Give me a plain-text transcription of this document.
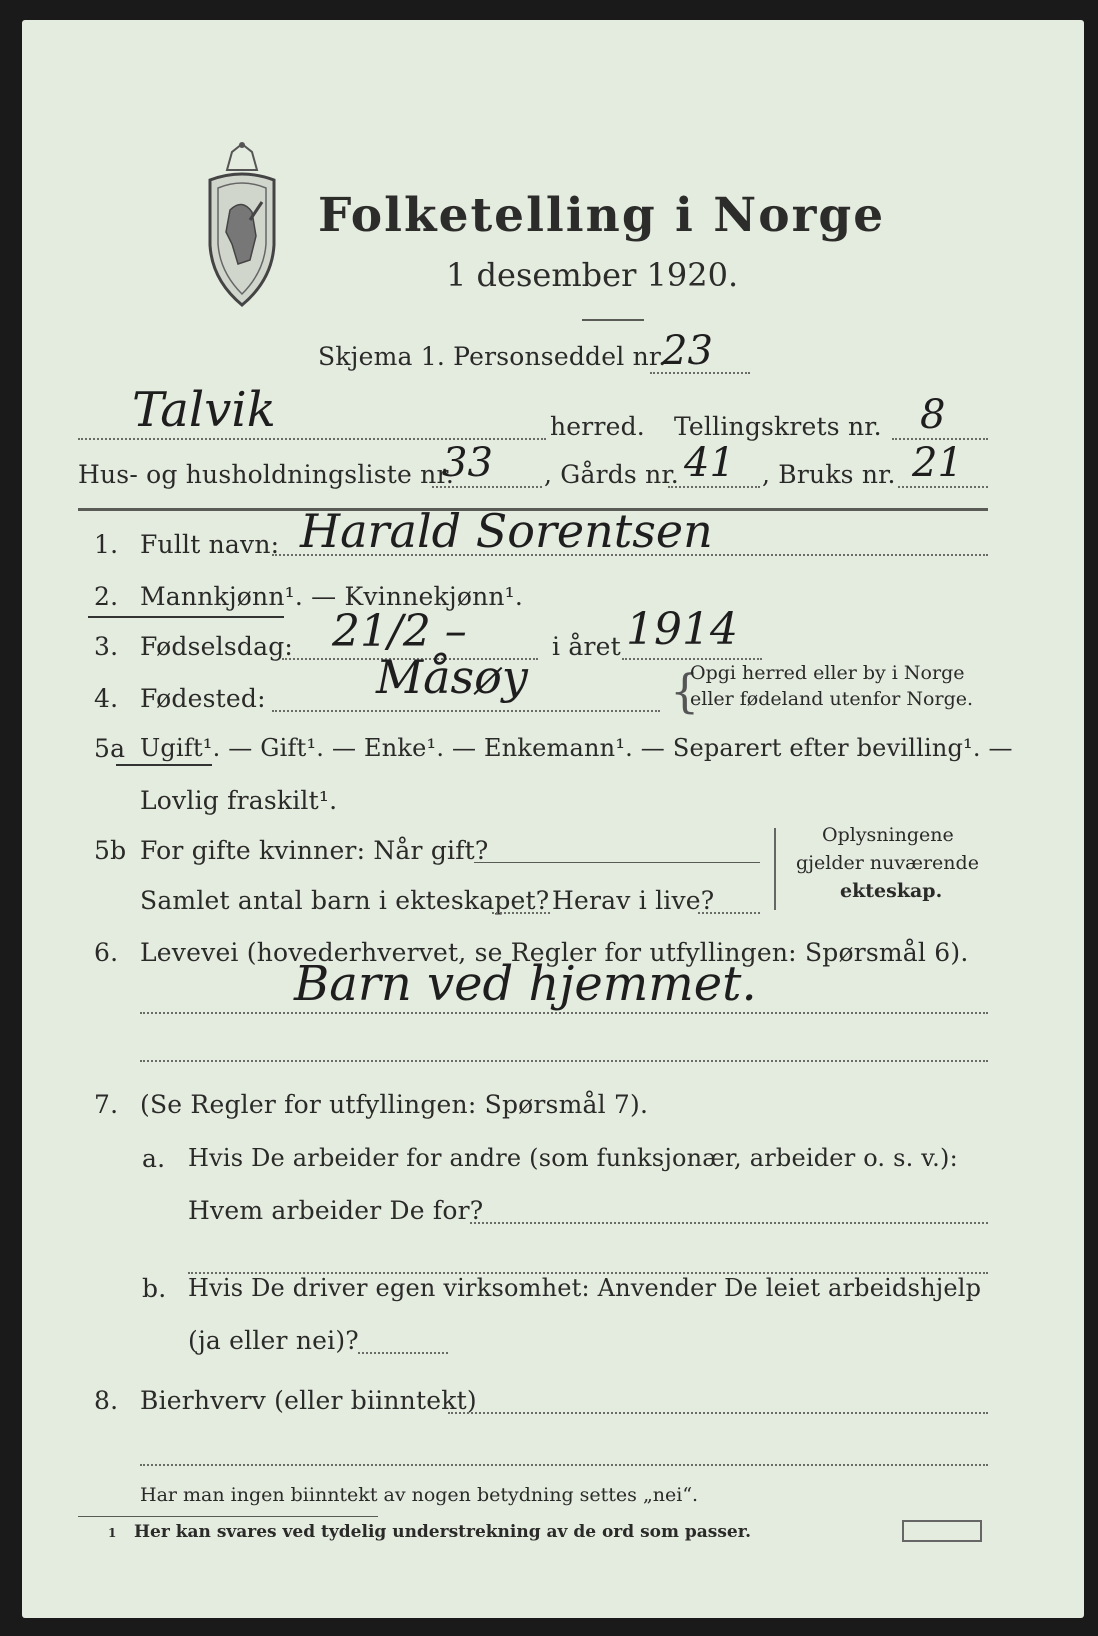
Folketelling i Norge
1 desember 1920.
Skjema 1. Personseddel nr.
23
Talvik	herred. Tellingskrets nr. 8
Hus- og husholdningsliste nr.
33 , Gårds nr. 41 , Bruks nr. 21
1. Fullt navn: Harald Sorentsen
2. Mannkjønn¹. — Kvinnekjønn¹.
3. Fødselsdag: 21/2 –	i året 1914
4. Fødested: Måsøy	{
Opgi herred eller by i Norge
eller fødeland utenfor Norge.
5a Ugift¹. — Gift¹. — Enke¹. — Enkemann¹. — Separert efter bevilling¹. —
Lovlig fraskilt¹.
5b For gifte kvinner: Når gift?
Samlet antal barn i ekteskapet? Herav i live?
Oplysningene
gjelder nuværende
ekteskap.
6. Levevei (hovederhvervet, se Regler for utfyllingen: Spørsmål 6).
Barn ved hjemmet.
7. (Se Regler for utfyllingen: Spørsmål 7).
a. Hvis De arbeider for andre (som funksjonær, arbeider o. s. v.):
Hvem arbeider De for?
b. Hvis De driver egen virksomhet: Anvender De leiet arbeidshjelp
(ja eller nei)?
8. Bierhverv (eller biinntekt)
Har man ingen biinntekt av nogen betydning settes „nei“.
1 Her kan svares ved tydelig understrekning av de ord som passer.
